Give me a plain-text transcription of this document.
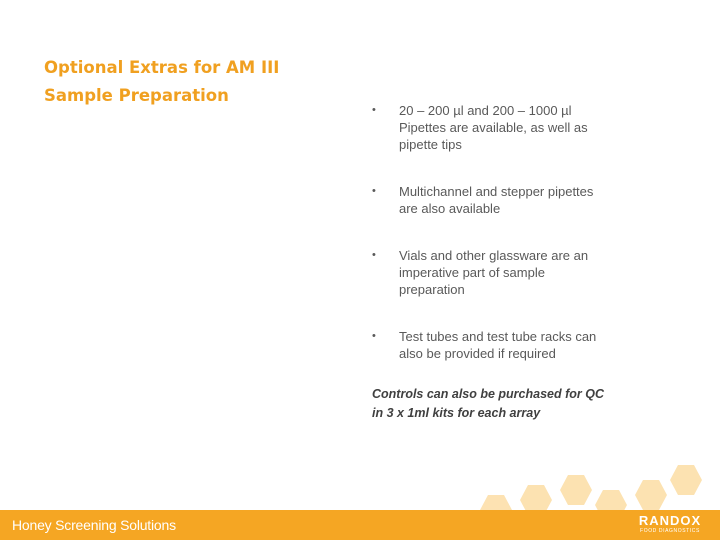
Optional Extras for AM III
Sample Preparation
• 20 – 200 µl and 200 – 1000 µl
Pipettes are available, as well as
pipette tips
• Multichannel and stepper pipettes
are also available
• Vials and other glassware are an
imperative part of sample
preparation
• Test tubes and test tube racks can
also be provided if required
Controls can also be purchased for QC
in 3 x 1ml kits for each array
Honey Screening Solutions	RANDOX
FOOD DIAGNOSTICS
